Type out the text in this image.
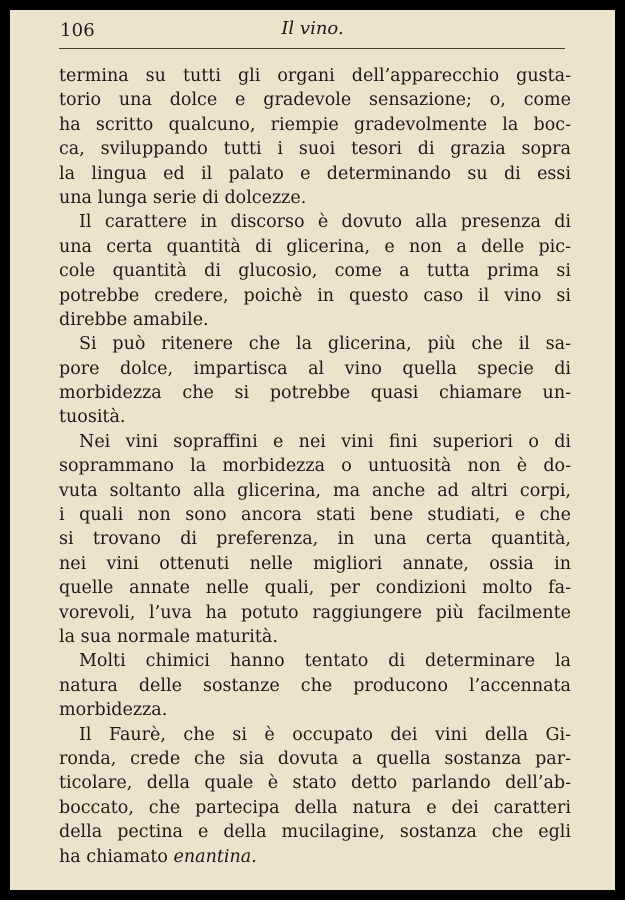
106	Il vino.
termina su tutti gli organi dell’apparecchio gusta-
torio una dolce e gradevole sensazione; o, come
ha scritto qualcuno, riempie gradevolmente la boc-
ca, sviluppando tutti i suoi tesori di grazia sopra
la lingua ed il palato e determinando su di essi
una lunga serie di dolcezze.
Il carattere in discorso è dovuto alla presenza di
una certa quantità di glicerina, e non a delle pic-
cole quantità di glucosio, come a tutta prima si
potrebbe credere, poichè in questo caso il vino si
direbbe amabile.
Si può ritenere che la glicerina, più che il sa-
pore dolce, impartisca al vino quella specie di
morbidezza che si potrebbe quasi chiamare un-
tuosità.
Nei vini sopraffini e nei vini fini superiori o di
soprammano la morbidezza o untuosità non è do-
vuta soltanto alla glicerina, ma anche ad altri corpi,
i quali non sono ancora stati bene studiati, e che
si trovano di preferenza, in una certa quantità,
nei vini ottenuti nelle migliori annate, ossia in
quelle annate nelle quali, per condizioni molto fa-
vorevoli, l’uva ha potuto raggiungere più facilmente
la sua normale maturità.
Molti chimici hanno tentato di determinare la
natura delle sostanze che producono l’accennata
morbidezza.
Il Faurè, che si è occupato dei vini della Gi-
ronda, crede che sia dovuta a quella sostanza par-
ticolare, della quale è stato detto parlando dell’ab-
boccato, che partecipa della natura e dei caratteri
della pectina e della mucilagine, sostanza che egli
ha chiamato enantina.
